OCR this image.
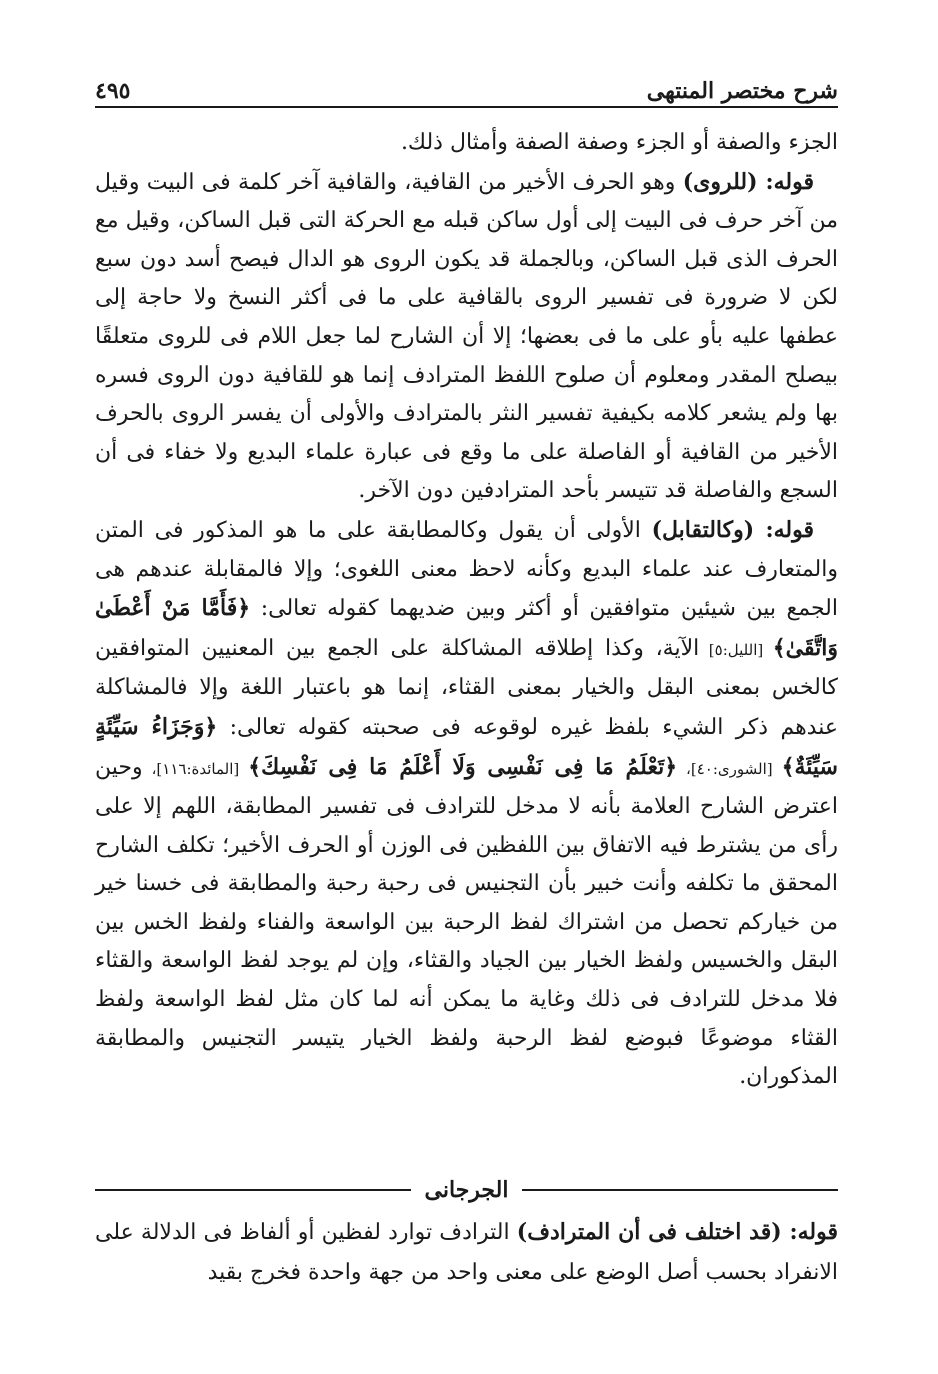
٤٩٥	شرح مختصر المنتهى

الجزء والصفة أو الجزء وصفة الصفة وأمثال ذلك.

قوله: (للروى) وهو الحرف الأخير من القافية، والقافية آخر كلمة فى البيت وقيل من آخر حرف فى البيت إلى أول ساكن قبله مع الحركة التى قبل الساكن، وقيل مع الحرف الذى قبل الساكن، وبالجملة قد يكون الروى هو الدال فيصح أسد دون سبع لكن لا ضرورة فى تفسير الروى بالقافية على ما فى أكثر النسخ ولا حاجة إلى عطفها عليه بأو على ما فى بعضها؛ إلا أن الشارح لما جعل اللام فى للروى متعلقًا بيصلح المقدر ومعلوم أن صلوح اللفظ المترادف إنما هو للقافية دون الروى فسره بها ولم يشعر كلامه بكيفية تفسير النثر بالمترادف والأولى أن يفسر الروى بالحرف الأخير من القافية أو الفاصلة على ما وقع فى عبارة علماء البديع ولا خفاء فى أن السجع والفاصلة قد تتيسر بأحد المترادفين دون الآخر.

قوله: (وكالتقابل) الأولى أن يقول وكالمطابقة على ما هو المذكور فى المتن والمتعارف عند علماء البديع وكأنه لاحظ معنى اللغوى؛ وإلا فالمقابلة عندهم هى الجمع بين شيئين متوافقين أو أكثر وبين ضديهما كقوله تعالى: ﴿فَأَمَّا مَنْ أَعْطَىٰ وَاتَّقَىٰ﴾ [الليل:٥] الآية، وكذا إطلاقه المشاكلة على الجمع بين المعنيين المتوافقين كالخس بمعنى البقل والخيار بمعنى القثاء، إنما هو باعتبار اللغة وإلا فالمشاكلة عندهم ذكر الشيء بلفظ غيره لوقوعه فى صحبته كقوله تعالى: ﴿وَجَزَاءُ سَيِّئَةٍ سَيِّئَةٌ﴾ [الشورى:٤٠]، ﴿تَعْلَمُ مَا فِى نَفْسِى وَلَا أَعْلَمُ مَا فِى نَفْسِكَ﴾ [المائدة:١١٦]، وحين اعترض الشارح العلامة بأنه لا مدخل للترادف فى تفسير المطابقة، اللهم إلا على رأى من يشترط فيه الاتفاق بين اللفظين فى الوزن أو الحرف الأخير؛ تكلف الشارح المحقق ما تكلفه وأنت خبير بأن التجنيس فى رحبة رحبة والمطابقة فى خسنا خير من خياركم تحصل من اشتراك لفظ الرحبة بين الواسعة والفناء ولفظ الخس بين البقل والخسيس ولفظ الخيار بين الجياد والقثاء، وإن لم يوجد لفظ الواسعة والقثاء فلا مدخل للترادف فى ذلك وغاية ما يمكن أنه لما كان مثل لفظ الواسعة ولفظ القثاء موضوعًا فبوضع لفظ الرحبة ولفظ الخيار يتيسر التجنيس والمطابقة المذكوران.

الجرجانى

قوله: (قد اختلف فى أن المترادف) الترادف توارد لفظين أو ألفاظ فى الدلالة على الانفراد بحسب أصل الوضع على معنى واحد من جهة واحدة فخرج بقيد
